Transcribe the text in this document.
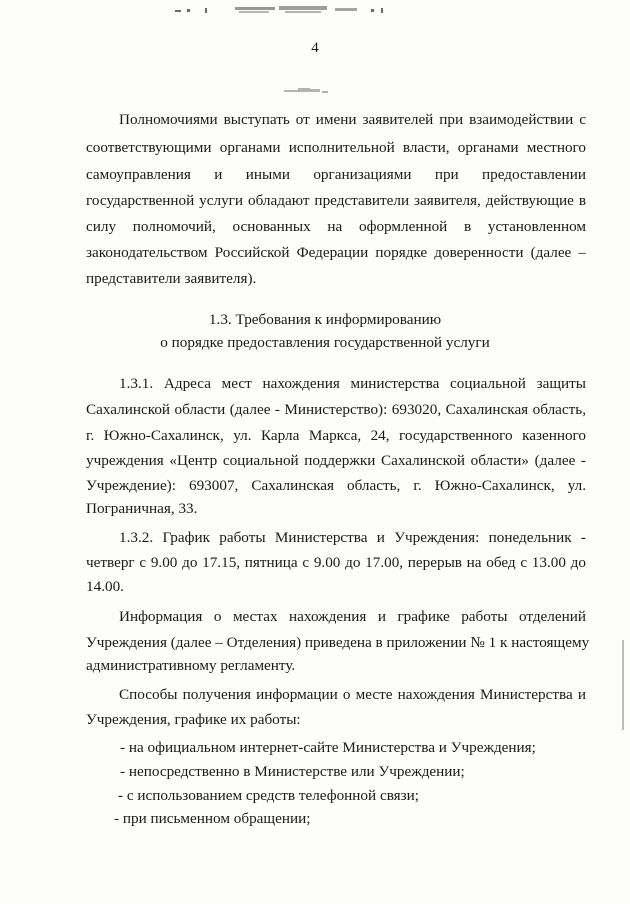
4
Полномочиями выступать от имени заявителей при взаимодействии с
соответствующими органами исполнительной власти, органами местного
самоуправления и иными организациями при предоставлении
государственной услуги обладают представители заявителя, действующие в
силу полномочий, основанных на оформленной в установленном
законодательством Российской Федерации порядке доверенности (далее –
представители заявителя).
1.3. Требования к информированию
о порядке предоставления государственной услуги
1.3.1. Адреса мест нахождения министерства социальной защиты
Сахалинской области (далее - Министерство): 693020, Сахалинская область,
г. Южно-Сахалинск, ул. Карла Маркса, 24, государственного казенного
учреждения «Центр социальной поддержки Сахалинской области» (далее -
Учреждение): 693007, Сахалинская область, г. Южно-Сахалинск, ул.
Пограничная, 33.
1.3.2. График работы Министерства и Учреждения: понедельник -
четверг с 9.00 до 17.15, пятница с 9.00 до 17.00, перерыв на обед с 13.00 до
14.00.
Информация о местах нахождения и графике работы отделений
Учреждения (далее – Отделения) приведена в приложении № 1 к настоящему
административному регламенту.
Способы получения информации о месте нахождения Министерства и
Учреждения, графике их работы:
- на официальном интернет-сайте Министерства и Учреждения;
- непосредственно в Министерстве или Учреждении;
- с использованием средств телефонной связи;
- при письменном обращении;
